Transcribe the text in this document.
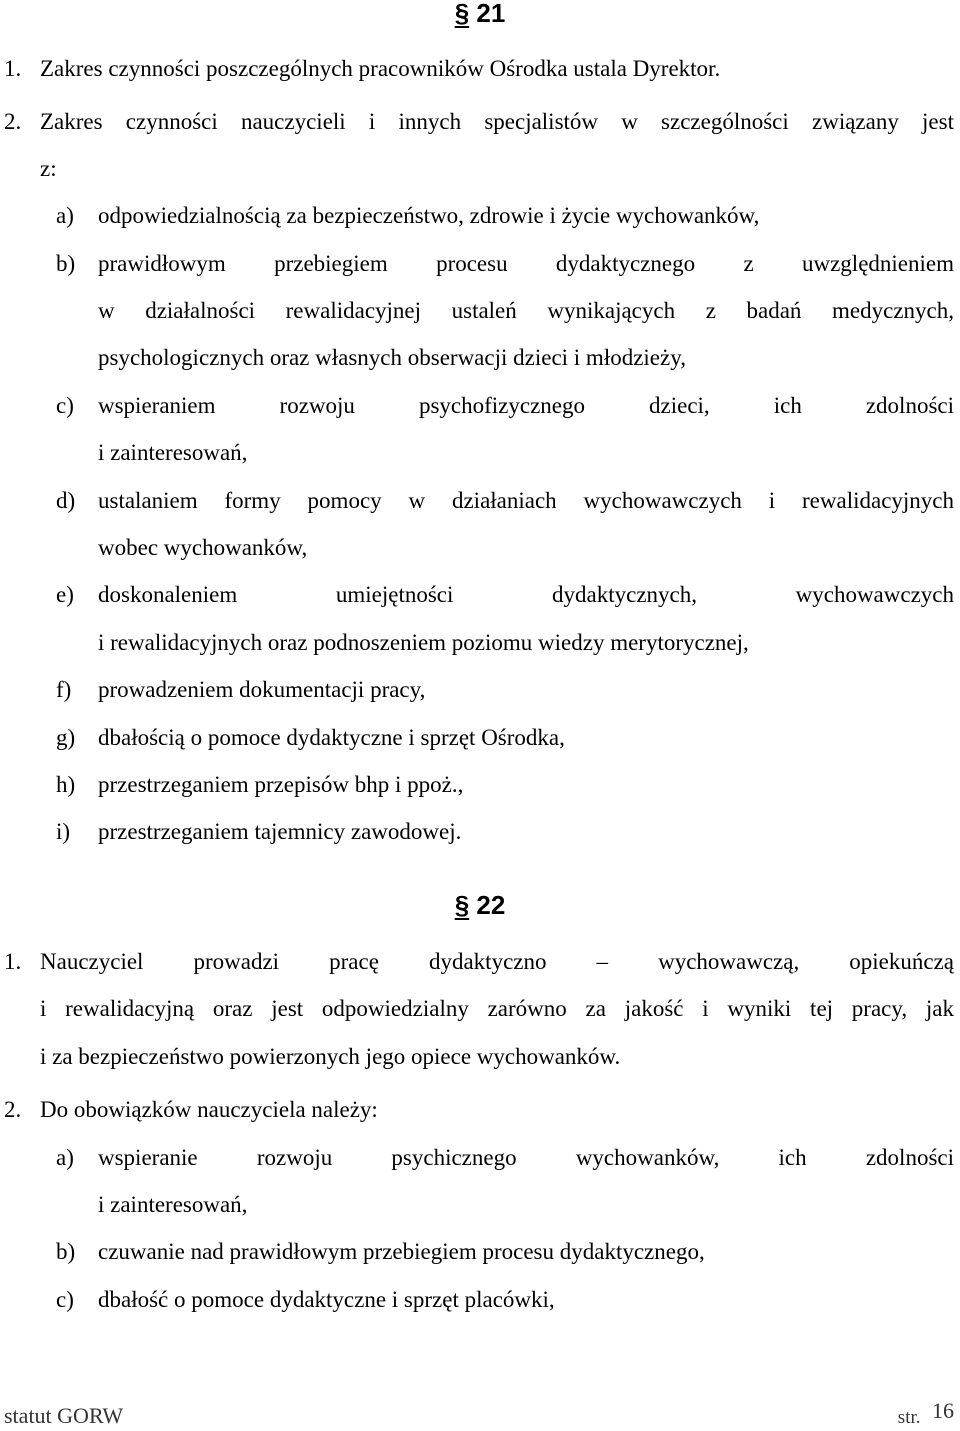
§ 21
1. Zakres czynności poszczególnych pracowników Ośrodka ustala Dyrektor.
2. Zakres czynności nauczycieli i innych specjalistów w szczególności związany jest
z:
a) odpowiedzialnością za bezpieczeństwo, zdrowie i życie wychowanków,
b) prawidłowym przebiegiem procesu dydaktycznego z uwzględnieniem
w działalności rewalidacyjnej ustaleń wynikających z badań medycznych,
psychologicznych oraz własnych obserwacji dzieci i młodzieży,
c) wspieraniem rozwoju psychofizycznego dzieci, ich zdolności
i zainteresowań,
d) ustalaniem formy pomocy w działaniach wychowawczych i rewalidacyjnych
wobec wychowanków,
e) doskonaleniem umiejętności dydaktycznych, wychowawczych
i rewalidacyjnych oraz podnoszeniem poziomu wiedzy merytorycznej,
f) prowadzeniem dokumentacji pracy,
g) dbałością o pomoce dydaktyczne i sprzęt Ośrodka,
h) przestrzeganiem przepisów bhp i ppoż.,
i) przestrzeganiem tajemnicy zawodowej.
§ 22
1. Nauczyciel prowadzi pracę dydaktyczno – wychowawczą, opiekuńczą
i rewalidacyjną oraz jest odpowiedzialny zarówno za jakość i wyniki tej pracy, jak
i za bezpieczeństwo powierzonych jego opiece wychowanków.
2. Do obowiązków nauczyciela należy:
a) wspieranie rozwoju psychicznego wychowanków, ich zdolności
i zainteresowań,
b) czuwanie nad prawidłowym przebiegiem procesu dydaktycznego,
c) dbałość o pomoce dydaktyczne i sprzęt placówki,
statut GORW	str. 16
